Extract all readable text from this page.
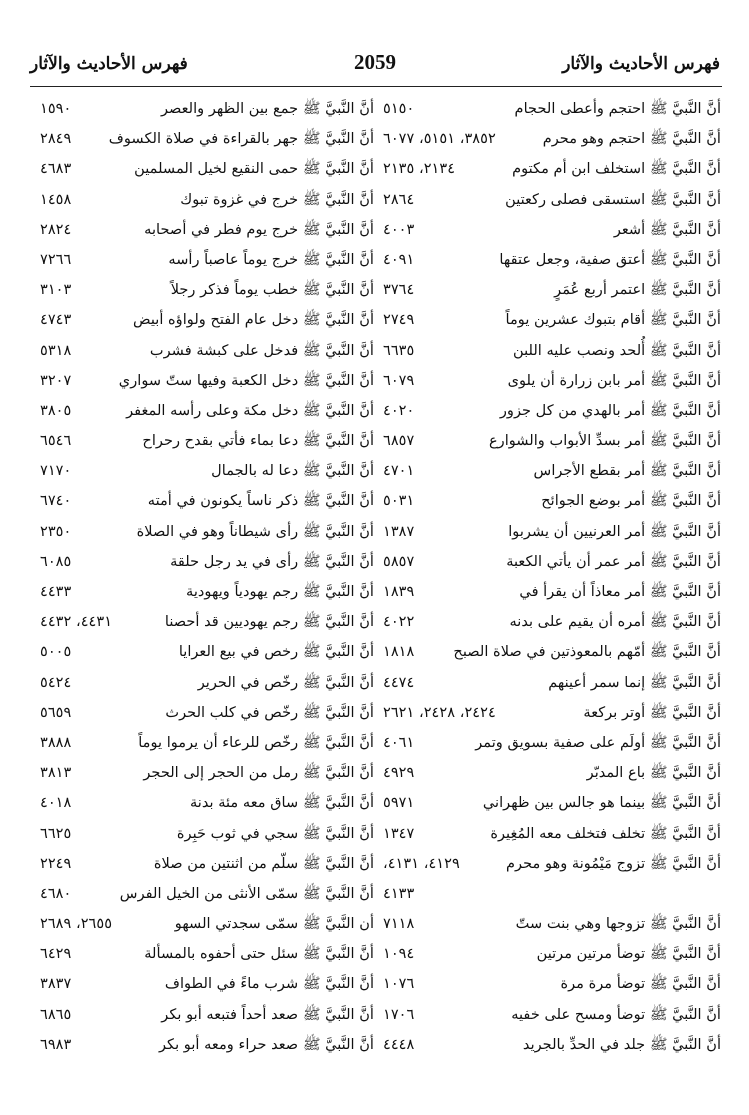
فهرس الأحاديث والآثار
2059
فهرس الأحاديث والآثار
أنَّ النَّبيَّ ﷺ احتجم وأعطى الحجام
٥١٥٠
أنَّ النَّبيَّ ﷺ احتجم وهو محرم
٣٨٥٢، ٥١٥١، ٦٠٧٧
أنَّ النَّبيَّ ﷺ استخلف ابن أم مكتوم
٢١٣٤، ٢١٣٥
أنَّ النَّبيَّ ﷺ استسقى فصلى ركعتين
٢٨٦٤
أنَّ النَّبيَّ ﷺ أشعر
٤٠٠٣
أنَّ النَّبيَّ ﷺ أعتق صفية، وجعل عتقها
٤٠٩١
أنَّ النَّبيَّ ﷺ اعتمر أربع عُمَرٍ
٣٧٦٤
أنَّ النَّبيَّ ﷺ أقام بتبوك عشرين يوماً
٢٧٤٩
أنَّ النَّبيَّ ﷺ أُلحد ونصب عليه اللبن
٦٦٣٥
أنَّ النَّبيَّ ﷺ أمر بابن زرارة أن يلوى
٦٠٧٩
أنَّ النَّبيَّ ﷺ أمر بالهدي من كل جزور
٤٠٢٠
أنَّ النَّبيَّ ﷺ أمر بسدِّ الأبواب والشوارع
٦٨٥٧
أنَّ النَّبيَّ ﷺ أمر بقطع الأجراس
٤٧٠١
أنَّ النَّبيَّ ﷺ أمر بوضع الجوائح
٥٠٣١
أنَّ النَّبيَّ ﷺ أمر العرنيين أن يشربوا
١٣٨٧
أنَّ النَّبيَّ ﷺ أمر عمر أن يأتي الكعبة
٥٨٥٧
أنَّ النَّبيَّ ﷺ أمر معاذاً أن يقرأ في
١٨٣٩
أنَّ النَّبيَّ ﷺ أمره أن يقيم على بدنه
٤٠٢٢
أنَّ النَّبيَّ ﷺ أمّهم بالمعوذتين في صلاة الصبح
١٨١٨
أنَّ النَّبيَّ ﷺ إنما سمر أعينهم
٤٤٧٤
أنَّ النَّبيَّ ﷺ أوتر بركعة
٢٤٢٤، ٢٤٢٨، ٢٦٢١
أنَّ النَّبيَّ ﷺ أولَم على صفية بسويق وتمر
٤٠٦١
أنَّ النَّبيَّ ﷺ باع المدبّر
٤٩٢٩
أنَّ النَّبيَّ ﷺ بينما هو جالس بين ظهراني
٥٩٧١
أنَّ النَّبيَّ ﷺ تخلف فتخلف معه المُغِيرة
١٣٤٧
أنَّ النَّبيَّ ﷺ تزوج مَيْمُونة وهو محرم
٤١٢٩، ٤١٣١،
٤١٣٣
أنَّ النَّبيَّ ﷺ تزوجها وهي بنت ستّ
٧١١٨
أنَّ النَّبيَّ ﷺ توضأ مرتين مرتين
١٠٩٤
أنَّ النَّبيَّ ﷺ توضأ مرة مرة
١٠٧٦
أنَّ النَّبيَّ ﷺ توضأ ومسح على خفيه
١٧٠٦
أنَّ النَّبيَّ ﷺ جلد في الحدِّ بالجريد
٤٤٤٨
أنَّ النَّبيَّ ﷺ جمع بين الظهر والعصر
١٥٩٠
أنَّ النَّبيَّ ﷺ جهر بالقراءة في صلاة الكسوف
٢٨٤٩
أنَّ النَّبيَّ ﷺ حمى النقيع لخيل المسلمين
٤٦٨٣
أنَّ النَّبيَّ ﷺ خرج في غزوة تبوك
١٤٥٨
أنَّ النَّبيَّ ﷺ خرج يوم فطر في أصحابه
٢٨٢٤
أنَّ النَّبيَّ ﷺ خرج يوماً عاصباً رأسه
٧٢٦٦
أنَّ النَّبيَّ ﷺ خطب يوماً فذكر رجلاً
٣١٠٣
أنَّ النَّبيَّ ﷺ دخل عام الفتح ولواؤه أبيض
٤٧٤٣
أنَّ النَّبيَّ ﷺ فدخل على كبشة فشرب
٥٣١٨
أنَّ النَّبيَّ ﷺ دخل الكعبة وفيها ستّ سواري
٣٢٠٧
أنَّ النَّبيَّ ﷺ دخل مكة وعلى رأسه المغفر
٣٨٠٥
أنَّ النَّبيَّ ﷺ دعا بماء فأتي بقدح رحراح
٦٥٤٦
أنَّ النَّبيَّ ﷺ دعا له بالجمال
٧١٧٠
أنَّ النَّبيَّ ﷺ ذكر ناساً يكونون في أمته
٦٧٤٠
أنَّ النَّبيَّ ﷺ رأى شيطاناً وهو في الصلاة
٢٣٥٠
أنَّ النَّبيَّ ﷺ رأى في يد رجل حلقة
٦٠٨٥
أنَّ النَّبيَّ ﷺ رجم يهودياً ويهودية
٤٤٣٣
أنَّ النَّبيَّ ﷺ رجم يهوديين قد أحصنا
٤٤٣١، ٤٤٣٢
أنَّ النَّبيَّ ﷺ رخص في بيع العرايا
٥٠٠٥
أنَّ النَّبيَّ ﷺ رخّص في الحرير
٥٤٢٤
أنَّ النَّبيَّ ﷺ رخّص في كلب الحرث
٥٦٥٩
أنَّ النَّبيَّ ﷺ رخّص للرعاء أن يرموا يوماً
٣٨٨٨
أنَّ النَّبيَّ ﷺ رمل من الحجر إلى الحجر
٣٨١٣
أنَّ النَّبيَّ ﷺ ساق معه مئة بدنة
٤٠١٨
أنَّ النَّبيَّ ﷺ سجي في ثوب حَبِرة
٦٦٢٥
أنَّ النَّبيَّ ﷺ سلّم من اثنتين من صلاة
٢٢٤٩
أنَّ النَّبيَّ ﷺ سمّى الأنثى من الخيل الفرس
٤٦٨٠
أن النَّبيَّ ﷺ سمّى سجدتي السهو
٢٦٥٥، ٢٦٨٩
أنَّ النَّبيَّ ﷺ سئل حتى أحفوه بالمسألة
٦٤٢٩
أنَّ النَّبيَّ ﷺ شرب ماءً في الطواف
٣٨٣٧
أنَّ النَّبيَّ ﷺ صعد أحداً فتبعه أبو بكر
٦٨٦٥
أنَّ النَّبيَّ ﷺ صعد حراء ومعه أبو بكر
٦٩٨٣
